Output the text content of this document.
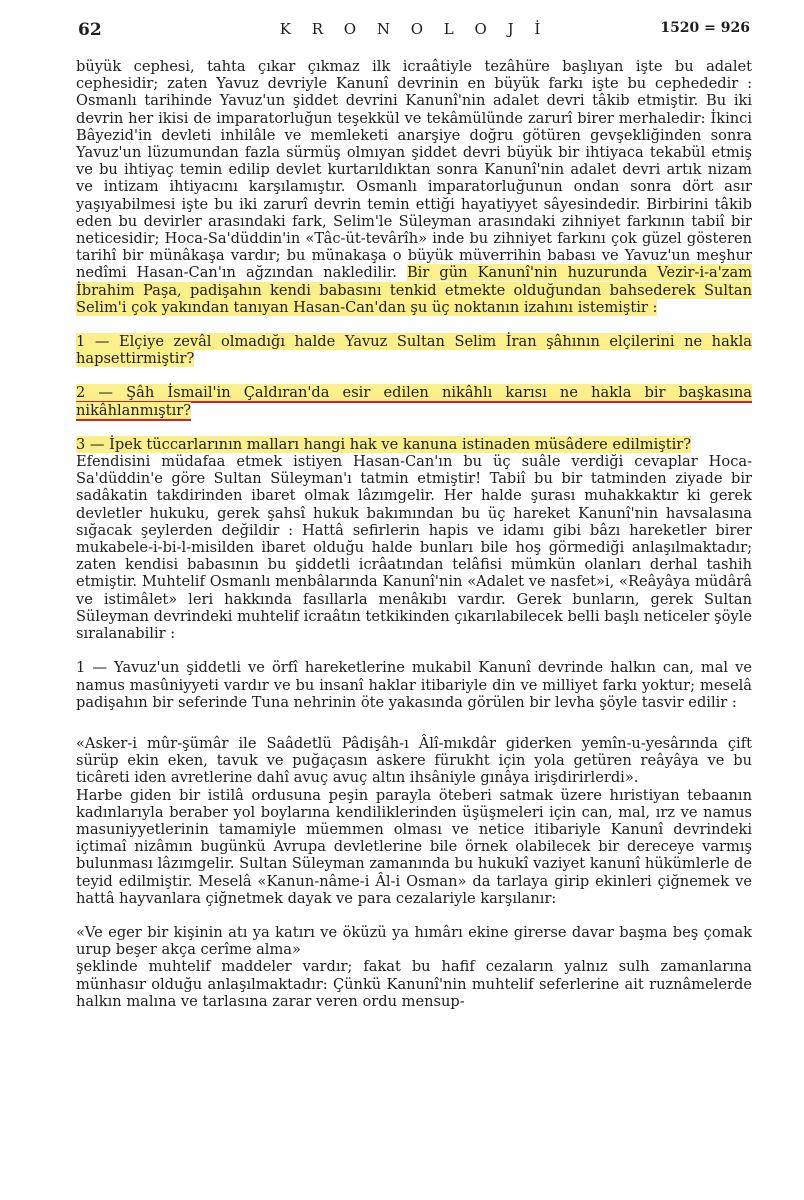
62	K R O N O L O J İ	1520 = 926

büyük cephesi, tahta çıkar çıkmaz ilk icraâtiyle tezâhüre başlıyan işte bu adalet cephesidir; zaten Yavuz devriyle Kanunî devrinin en büyük farkı işte bu cephededir : Osmanlı tarihinde Yavuz'un şiddet devrini Kanunî'nin adalet devri tâkib etmiştir. Bu iki devrin her ikisi de imparatorluğun teşekkül ve tekâmülünde zarurî birer merhaledir: İkinci Bâyezid'in devleti inhilâle ve memleketi anarşiye doğru götüren gevşekliğinden sonra Yavuz'un lüzumundan fazla sürmüş olmıyan şiddet devri büyük bir ihtiyaca tekabül etmiş ve bu ihtiyaç temin edilip devlet kurtarıldıktan sonra Kanunî'nin adalet devri artık nizam ve intizam ihtiyacını karşılamıştır. Osmanlı imparatorluğunun ondan sonra dört asır yaşıyabilmesi işte bu iki zarurî devrin temin ettiği hayatiyyet sâyesindedir. Birbirini tâkib eden bu devirler arasındaki fark, Selim'le Süleyman arasındaki zihniyet farkının tabiî bir neticesidir; Hoca-Sa'düddin'in «Tâc-üt-tevârîh» inde bu zihniyet farkını çok güzel gösteren tarihî bir münâkaşa vardır; bu münakaşa o büyük müverrihin babası ve Yavuz'un meşhur nedîmi Hasan-Can'ın ağzından nakledilir. Bir gün Kanunî'nin huzurunda Vezir-i-a'zam İbrahim Paşa, padişahın kendi babasını tenkid etmekte olduğundan bahsederek Sultan Selim'i çok yakından tanıyan Hasan-Can'dan şu üç noktanın izahını istemiştir :

1 — Elçiye zevâl olmadığı halde Yavuz Sultan Selim İran şâhının elçilerini ne hakla hapsettirmiştir?

2 — Şâh İsmail'in Çaldıran'da esir edilen nikâhlı karısı ne hakla bir başkasına nikâhlanmıştır?

3 — İpek tüccarlarının malları hangi hak ve kanuna istinaden müsâdere edilmiştir?

Efendisini müdafaa etmek istiyen Hasan-Can'ın bu üç suâle verdiği cevaplar Hoca-Sa'düddin'e göre Sultan Süleyman'ı tatmin etmiştir! Tabiî bu bir tatminden ziyade bir sadâkatin takdirinden ibaret olmak lâzımgelir. Her halde şurası muhakkaktır ki gerek devletler hukuku, gerek şahsî hukuk bakımından bu üç hareket Kanunî'nin havsalasına sığacak şeylerden değildir : Hattâ sefirlerin hapis ve idamı gibi bâzı hareketler birer mukabele-i-bi-l-misilden ibaret olduğu halde bunları bile hoş görmediği anlaşılmaktadır; zaten kendisi babasının bu şiddetli icrâatından telâfisi mümkün olanları derhal tashih etmiştir. Muhtelif Osmanlı menbâlarında Kanunî'nin «Adalet ve nasfet»i, «Reâyâya müdârâ ve istimâlet» leri hakkında fasıllarla menâkıbı vardır. Gerek bunların, gerek Sultan Süleyman devrindeki muhtelif icraâtın tetkikinden çıkarılabilecek belli başlı neticeler şöyle sıralanabilir :

1 — Yavuz'un şiddetli ve örfî hareketlerine mukabil Kanunî devrinde halkın can, mal ve namus masûniyyeti vardır ve bu insanî haklar itibariyle din ve milliyet farkı yoktur; meselâ padişahın bir seferinde Tuna nehrinin öte yakasında görülen bir levha şöyle tasvir edilir :

«Asker-i mûr-şümâr ile Saâdetlü Pâdişâh-ı Âlî-mıkdâr giderken yemîn-u-yesârında çift sürüp ekin eken, tavuk ve puğaçasın askere fürukht için yola getüren reâyâya ve bu ticâreti iden avretlerine dahî avuç avuç altın ihsâniyle gınâya irişdirirlerdi».

Harbe giden bir istilâ ordusuna peşin parayla öteberi satmak üzere hıristiyan tebaanın kadınlarıyla beraber yol boylarına kendiliklerinden üşüşmeleri için can, mal, ırz ve namus masuniyyetlerinin tamamiyle müemmen olması ve netice itibariyle Kanunî devrindeki içtimaî nizâmın bugünkü Avrupa devletlerine bile örnek olabilecek bir dereceye varmış bulunması lâzımgelir. Sultan Süleyman zamanında bu hukukî vaziyet kanunî hükümlerle de teyid edilmiştir. Meselâ «Kanun-nâme-i Âl-i Osman» da tarlaya girip ekinleri çiğnemek ve hattâ hayvanlara çiğnetmek dayak ve para cezalariyle karşılanır:

«Ve eger bir kişinin atı ya katırı ve öküzü ya hımârı ekine girerse davar başma beş çomak urup beşer akça cerîme alma»

şeklinde muhtelif maddeler vardır; fakat bu hafif cezaların yalnız sulh zamanlarına münhasır olduğu anlaşılmaktadır: Çünkü Kanunî'nin muhtelif seferlerine ait ruznâmelerde halkın malına ve tarlasına zarar veren ordu mensup-
